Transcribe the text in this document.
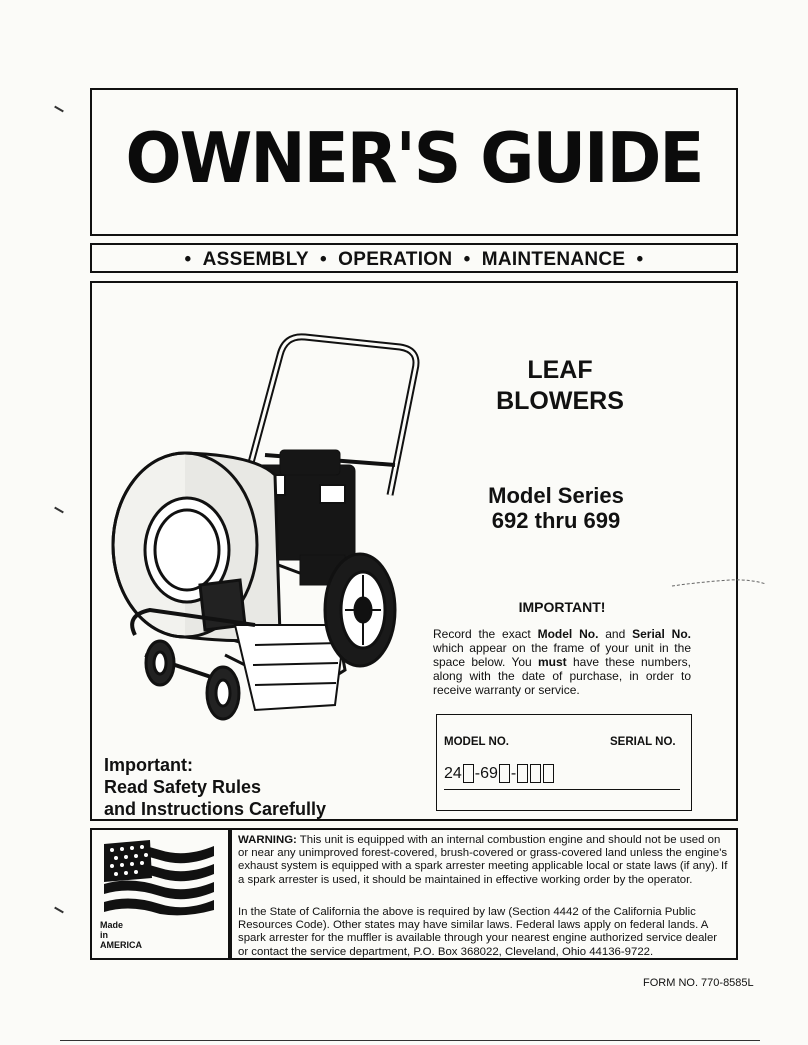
OWNER'S GUIDE
• ASSEMBLY • OPERATION • MAINTENANCE •
LEAF
BLOWERS
Model Series
692 thru 699
IMPORTANT!
Record the exact Model No. and Serial No. which appear on the frame of your unit in the space below. You must have these numbers, along with the date of purchase, in order to receive warranty or service.
MODEL NO.	SERIAL NO.
24 -69 -
Important:
Read Safety Rules
and Instructions Carefully
Made
in
AMERICA
WARNING: This unit is equipped with an internal combustion engine and should not be used on or near any unimproved forest-covered, brush-covered or grass-covered land unless the engine's exhaust system is equipped with a spark arrester meeting applicable local or state laws (if any). If a spark arrester is used, it should be maintained in effective working order by the operator.
In the State of California the above is required by law (Section 4442 of the California Public Resources Code). Other states may have similar laws. Federal laws apply on federal lands. A spark arrester for the muffler is available through your nearest engine authorized service dealer or contact the service department, P.O. Box 368022, Cleveland, Ohio 44136-9722.
FORM NO. 770-8585L
